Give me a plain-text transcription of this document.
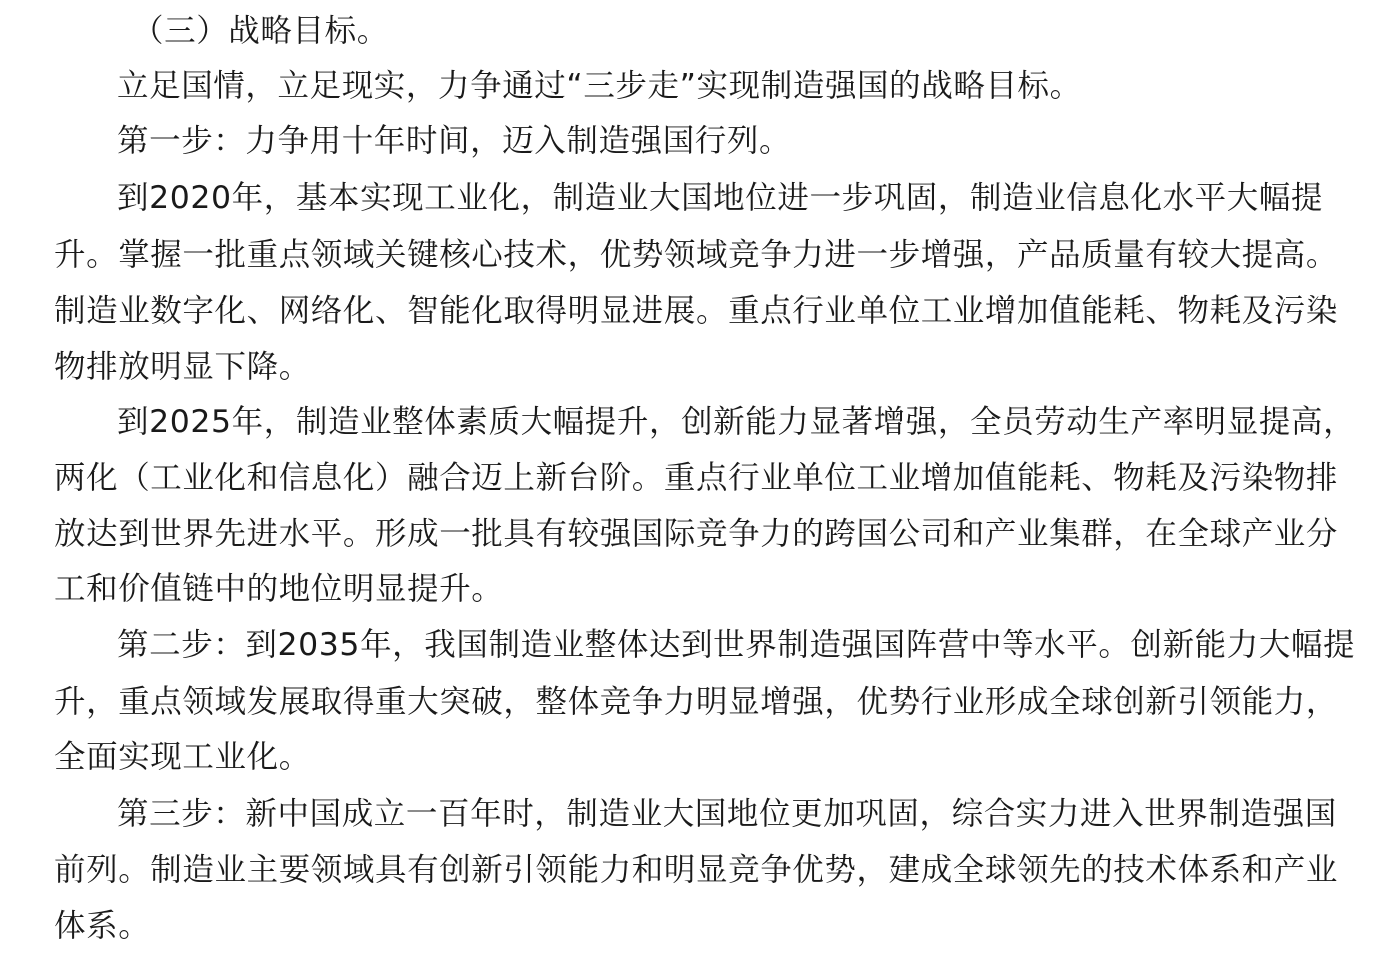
（三）战略目标。
立足国情，立足现实，力争通过“三步走”实现制造强国的战略目标。
第一步：力争用十年时间，迈入制造强国行列。
到2020年，基本实现工业化，制造业大国地位进一步巩固，制造业信息化水平大幅提
升。掌握一批重点领域关键核心技术，优势领域竞争力进一步增强，产品质量有较大提高。
制造业数字化、网络化、智能化取得明显进展。重点行业单位工业增加值能耗、物耗及污染
物排放明显下降。
到2025年，制造业整体素质大幅提升，创新能力显著增强，全员劳动生产率明显提高，
两化（工业化和信息化）融合迈上新台阶。重点行业单位工业增加值能耗、物耗及污染物排
放达到世界先进水平。形成一批具有较强国际竞争力的跨国公司和产业集群，在全球产业分
工和价值链中的地位明显提升。
第二步：到2035年，我国制造业整体达到世界制造强国阵营中等水平。创新能力大幅提
升，重点领域发展取得重大突破，整体竞争力明显增强，优势行业形成全球创新引领能力，
全面实现工业化。
第三步：新中国成立一百年时，制造业大国地位更加巩固，综合实力进入世界制造强国
前列。制造业主要领域具有创新引领能力和明显竞争优势，建成全球领先的技术体系和产业
体系。
